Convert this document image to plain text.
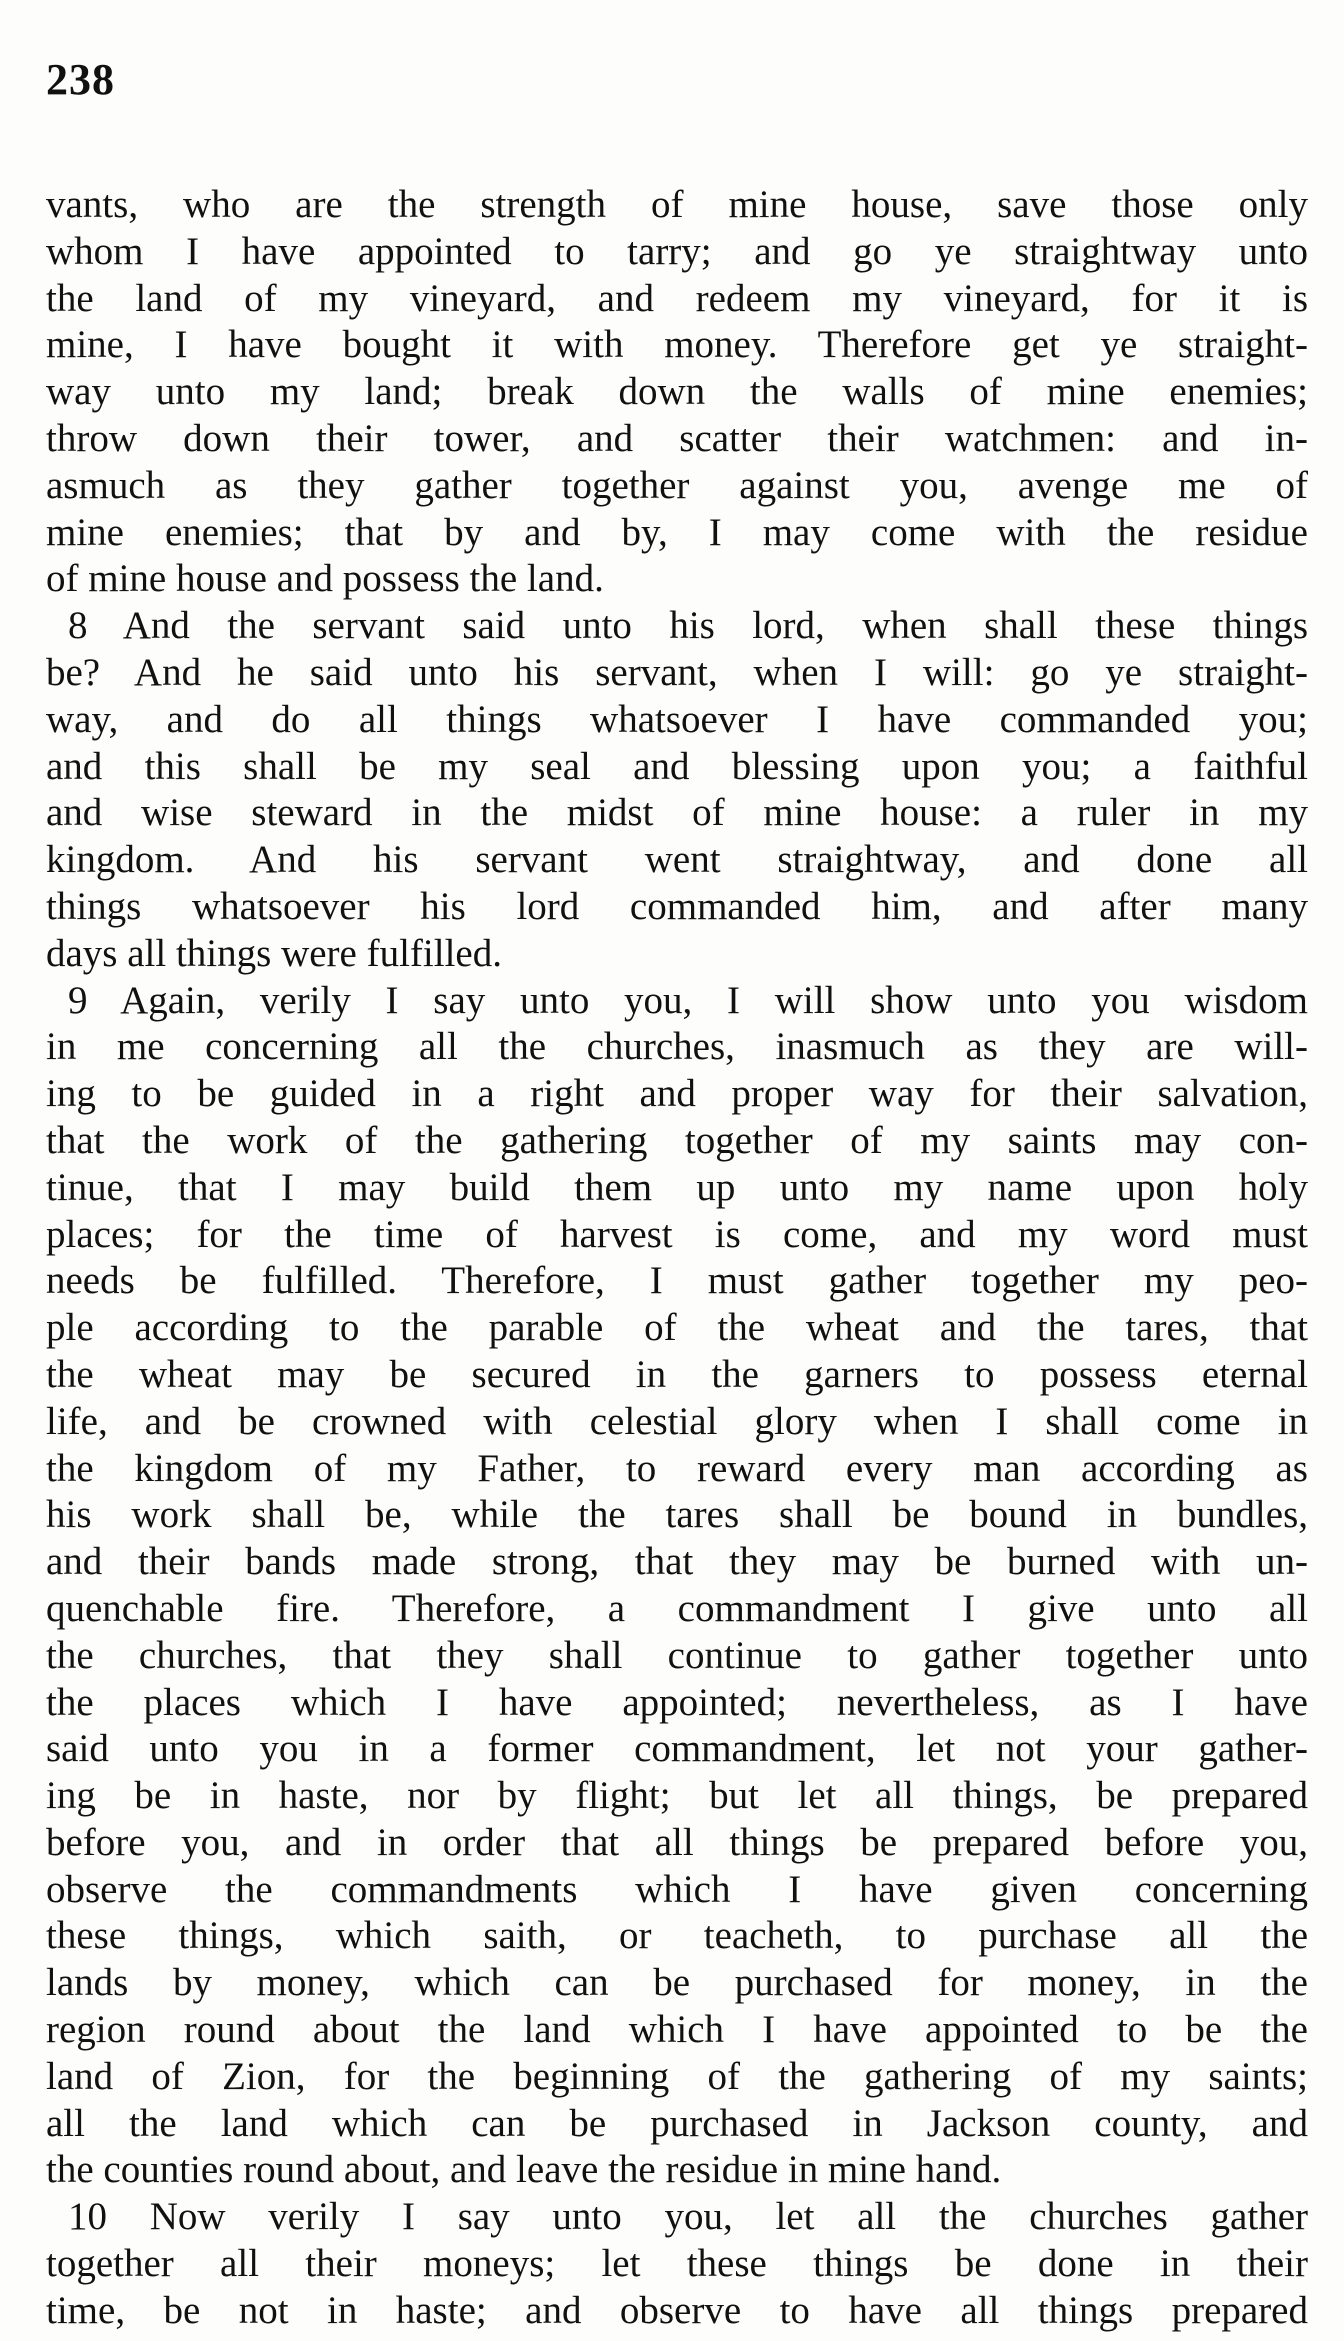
238
vants, who are the strength of mine house, save those only
whom I have appointed to tarry; and go ye straightway unto
the land of my vineyard, and redeem my vineyard, for it is
mine, I have bought it with money. Therefore get ye straight-
way unto my land; break down the walls of mine enemies;
throw down their tower, and scatter their watchmen: and in-
asmuch as they gather together against you, avenge me of
mine enemies; that by and by, I may come with the residue
of mine house and possess the land.
8 And the servant said unto his lord, when shall these things
be? And he said unto his servant, when I will: go ye straight-
way, and do all things whatsoever I have commanded you;
and this shall be my seal and blessing upon you; a faithful
and wise steward in the midst of mine house: a ruler in my
kingdom. And his servant went straightway, and done all
things whatsoever his lord commanded him, and after many
days all things were fulfilled.
9 Again, verily I say unto you, I will show unto you wisdom
in me concerning all the churches, inasmuch as they are will-
ing to be guided in a right and proper way for their salvation,
that the work of the gathering together of my saints may con-
tinue, that I may build them up unto my name upon holy
places; for the time of harvest is come, and my word must
needs be fulfilled. Therefore, I must gather together my peo-
ple according to the parable of the wheat and the tares, that
the wheat may be secured in the garners to possess eternal
life, and be crowned with celestial glory when I shall come in
the kingdom of my Father, to reward every man according as
his work shall be, while the tares shall be bound in bundles,
and their bands made strong, that they may be burned with un-
quenchable fire. Therefore, a commandment I give unto all
the churches, that they shall continue to gather together unto
the places which I have appointed; nevertheless, as I have
said unto you in a former commandment, let not your gather-
ing be in haste, nor by flight; but let all things, be prepared
before you, and in order that all things be prepared before you,
observe the commandments which I have given concerning
these things, which saith, or teacheth, to purchase all the
lands by money, which can be purchased for money, in the
region round about the land which I have appointed to be the
land of Zion, for the beginning of the gathering of my saints;
all the land which can be purchased in Jackson county, and
the counties round about, and leave the residue in mine hand.
10 Now verily I say unto you, let all the churches gather
together all their moneys; let these things be done in their
time, be not in haste; and observe to have all things prepared
